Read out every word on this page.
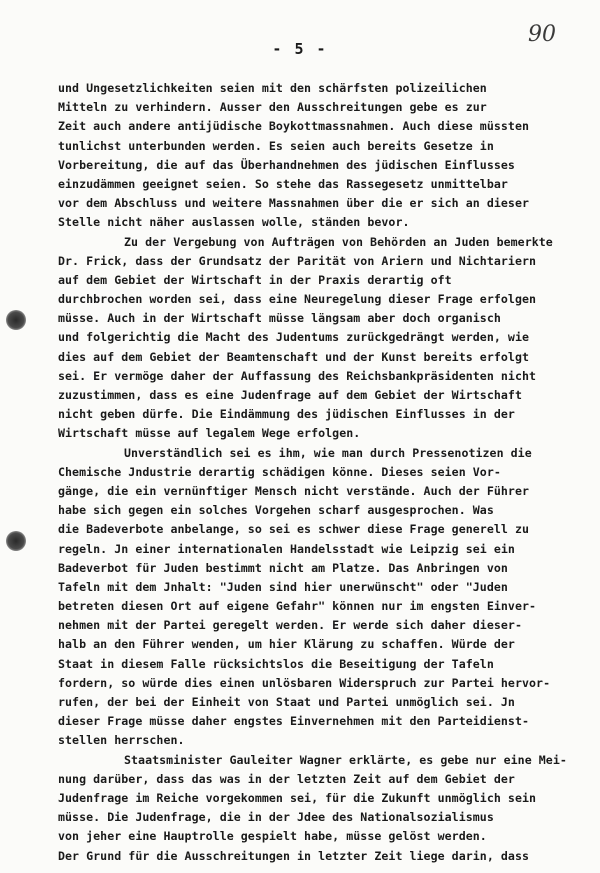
- 5 -
90
und Ungesetzlichkeiten seien mit den schärfsten polizeilichen
Mitteln zu verhindern. Ausser den Ausschreitungen gebe es zur
Zeit auch andere antijüdische Boykottmassnahmen. Auch diese müssten
tunlichst unterbunden werden. Es seien auch bereits Gesetze in
Vorbereitung, die auf das Überhandnehmen des jüdischen Einflusses
einzudämmen geeignet seien. So stehe das Rassegesetz unmittelbar
vor dem Abschluss und weitere Massnahmen über die er sich an dieser
Stelle nicht näher auslassen wolle, ständen bevor.
Zu der Vergebung von Aufträgen von Behörden an Juden bemerkte
Dr. Frick, dass der Grundsatz der Parität von Ariern und Nichtariern
auf dem Gebiet der Wirtschaft in der Praxis derartig oft
durchbrochen worden sei, dass eine Neuregelung dieser Frage erfolgen
müsse. Auch in der Wirtschaft müsse längsam aber doch organisch
und folgerichtig die Macht des Judentums zurückgedrängt werden, wie
dies auf dem Gebiet der Beamtenschaft und der Kunst bereits erfolgt
sei. Er vermöge daher der Auffassung des Reichsbankpräsidenten nicht
zuzustimmen, dass es eine Judenfrage auf dem Gebiet der Wirtschaft
nicht geben dürfe. Die Eindämmung des jüdischen Einflusses in der
Wirtschaft müsse auf legalem Wege erfolgen.
Unverständlich sei es ihm, wie man durch Pressenotizen die
Chemische Jndustrie derartig schädigen könne. Dieses seien Vor-
gänge, die ein vernünftiger Mensch nicht verstände. Auch der Führer
habe sich gegen ein solches Vorgehen scharf ausgesprochen. Was
die Badeverbote anbelange, so sei es schwer diese Frage generell zu
regeln. Jn einer internationalen Handelsstadt wie Leipzig sei ein
Badeverbot für Juden bestimmt nicht am Platze. Das Anbringen von
Tafeln mit dem Jnhalt: "Juden sind hier unerwünscht" oder "Juden
betreten diesen Ort auf eigene Gefahr" können nur im engsten Einver-
nehmen mit der Partei geregelt werden. Er werde sich daher dieser-
halb an den Führer wenden, um hier Klärung zu schaffen. Würde der
Staat in diesem Falle rücksichtslos die Beseitigung der Tafeln
fordern, so würde dies einen unlösbaren Widerspruch zur Partei hervor-
rufen, der bei der Einheit von Staat und Partei unmöglich sei. Jn
dieser Frage müsse daher engstes Einvernehmen mit den Parteidienst-
stellen herrschen.
Staatsminister Gauleiter Wagner erklärte, es gebe nur eine Mei-
nung darüber, dass das was in der letzten Zeit auf dem Gebiet der
Judenfrage im Reiche vorgekommen sei, für die Zukunft unmöglich sein
müsse. Die Judenfrage, die in der Jdee des Nationalsozialismus
von jeher eine Hauptrolle gespielt habe, müsse gelöst werden.
Der Grund für die Ausschreitungen in letzter Zeit liege darin, dass
